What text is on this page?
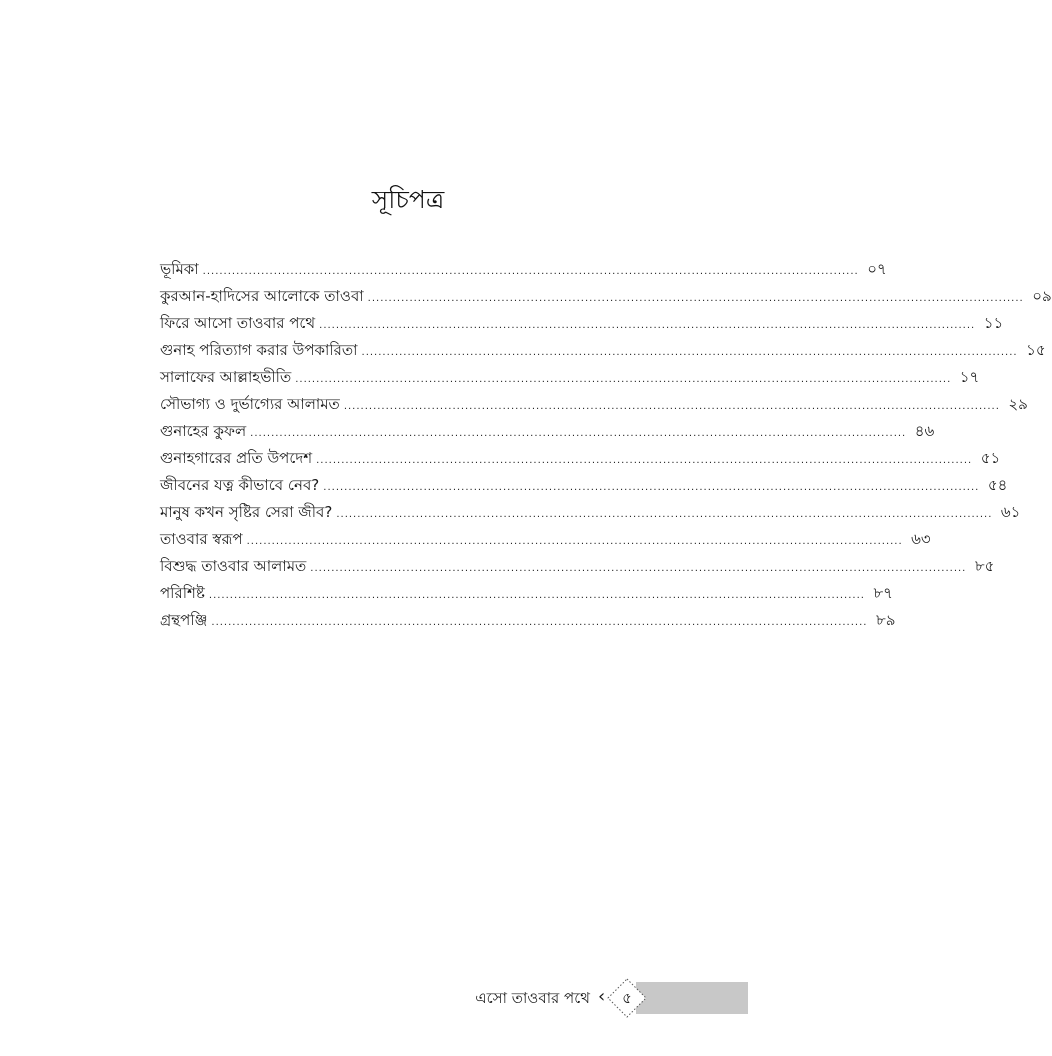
সূচিপত্র
ভূমিকা ............................................................................................................................................................. ০৭
কুরআন-হাদিসের আলোকে তাওবা ............................................................................................................................................................. ০৯
ফিরে আসো তাওবার পথে ............................................................................................................................................................. ১১
গুনাহ পরিত্যাগ করার উপকারিতা ............................................................................................................................................................. ১৫
সালাফের আল্লাহভীতি ............................................................................................................................................................. ১৭
সৌভাগ্য ও দুর্ভাগ্যের আলামত ............................................................................................................................................................. ২৯
গুনাহের কুফল ............................................................................................................................................................. ৪৬
গুনাহগারের প্রতি উপদেশ ............................................................................................................................................................. ৫১
জীবনের যত্ন কীভাবে নেব? ............................................................................................................................................................. ৫৪
মানুষ কখন সৃষ্টির সেরা জীব? ............................................................................................................................................................. ৬১
তাওবার স্বরূপ ............................................................................................................................................................. ৬৩
বিশুদ্ধ তাওবার আলামত ............................................................................................................................................................. ৮৫
পরিশিষ্ট ............................................................................................................................................................. ৮৭
গ্রন্থপঞ্জি ............................................................................................................................................................. ৮৯
এসো তাওবার পথে ‹	৫
